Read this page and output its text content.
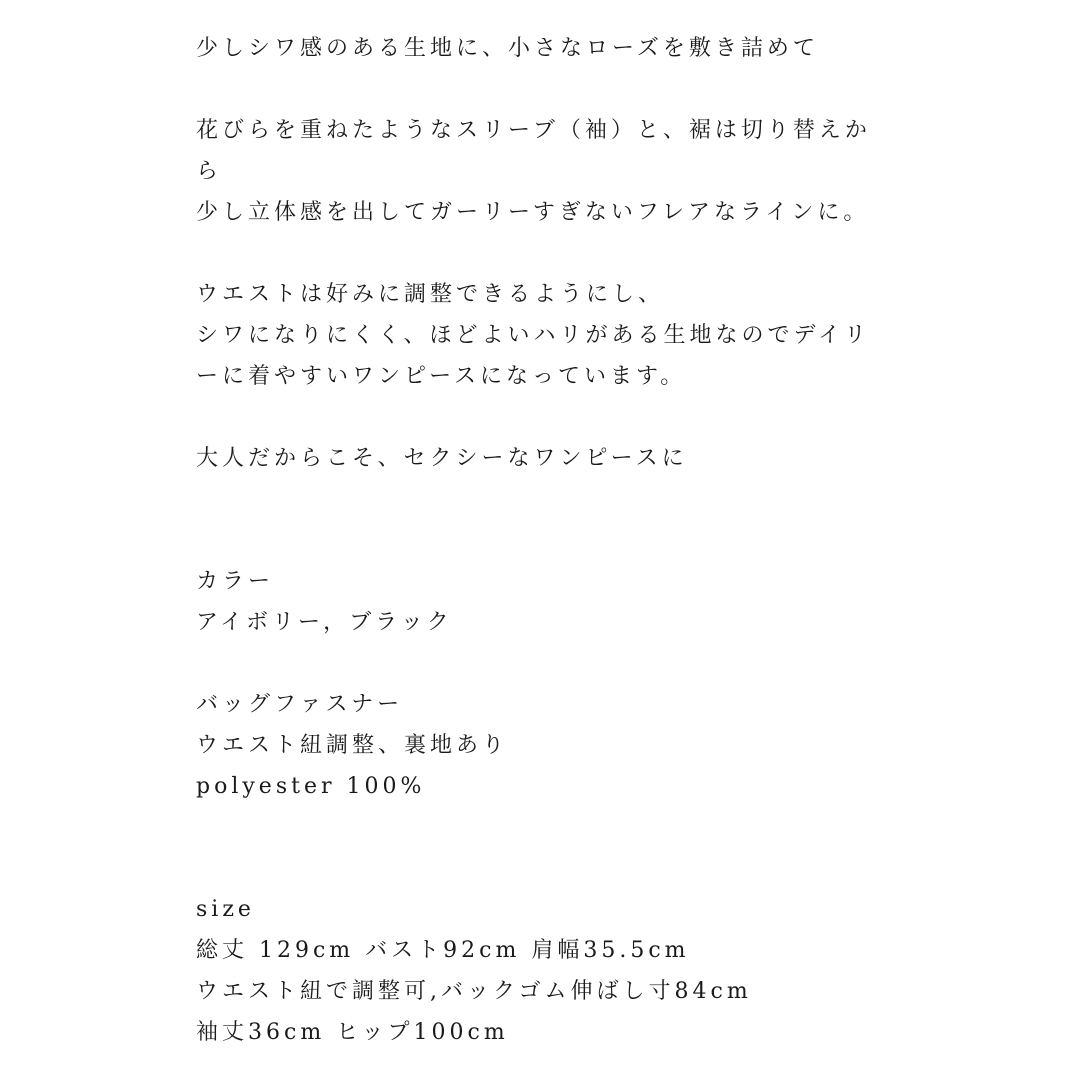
少しシワ感のある生地に、小さなローズを敷き詰めて
花びらを重ねたようなスリーブ（袖）と、裾は切り替えか
ら
少し立体感を出してガーリーすぎないフレアなラインに。
ウエストは好みに調整できるようにし、
シワになりにくく、ほどよいハリがある生地なのでデイリ
ーに着やすいワンピースになっています。
大人だからこそ、セクシーなワンピースに
カラー
アイボリー，ブラック
バッグファスナー
ウエスト紐調整、裏地あり
polyester 100%
size
総丈 129cm バスト92cm 肩幅35.5cm
ウエスト紐で調整可,バックゴム伸ばし寸84cm
袖丈36cm ヒップ100cm
